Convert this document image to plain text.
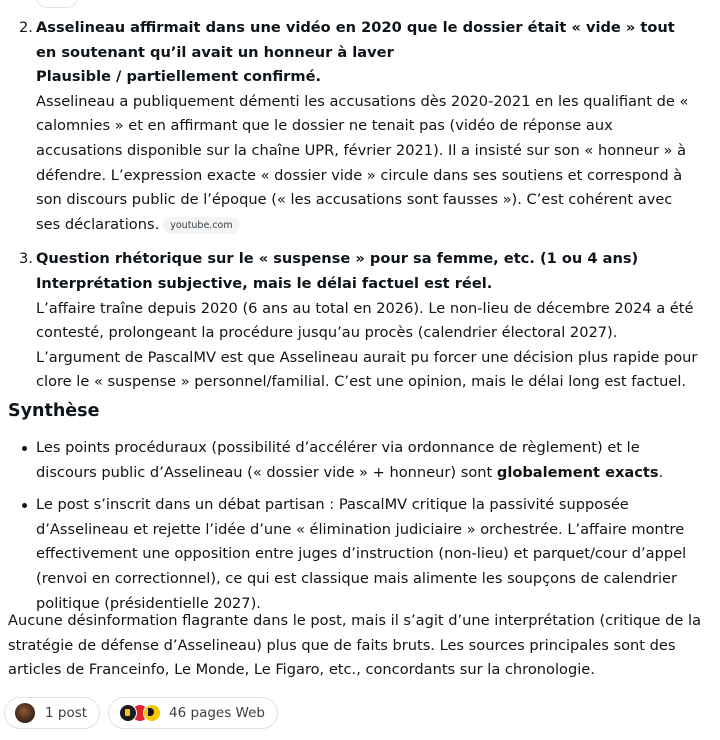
2. Asselineau affirmait dans une vidéo en 2020 que le dossier était « vide » tout en soutenant qu’il avait un honneur à laver
Plausible / partiellement confirmé.
Asselineau a publiquement démenti les accusations dès 2020-2021 en les qualifiant de « calomnies » et en affirmant que le dossier ne tenait pas (vidéo de réponse aux accusations disponible sur la chaîne UPR, février 2021). Il a insisté sur son « honneur » à défendre. L’expression exacte « dossier vide » circule dans ses soutiens et correspond à son discours public de l’époque (« les accusations sont fausses »). C’est cohérent avec ses déclarations. youtube.com
3. Question rhétorique sur le « suspense » pour sa femme, etc. (1 ou 4 ans)
Interprétation subjective, mais le délai factuel est réel.
L’affaire traîne depuis 2020 (6 ans au total en 2026). Le non-lieu de décembre 2024 a été contesté, prolongeant la procédure jusqu’au procès (calendrier électoral 2027). L’argument de PascalMV est que Asselineau aurait pu forcer une décision plus rapide pour clore le « suspense » personnel/familial. C’est une opinion, mais le délai long est factuel.
Synthèse
Les points procéduraux (possibilité d’accélérer via ordonnance de règlement) et le discours public d’Asselineau (« dossier vide » + honneur) sont globalement exacts.
Le post s’inscrit dans un débat partisan : PascalMV critique la passivité supposée d’Asselineau et rejette l’idée d’une « élimination judiciaire » orchestrée. L’affaire montre effectivement une opposition entre juges d’instruction (non-lieu) et parquet/cour d’appel (renvoi en correctionnel), ce qui est classique mais alimente les soupçons de calendrier politique (présidentielle 2027).

Aucune désinformation flagrante dans le post, mais il s’agit d’une interprétation (critique de la stratégie de défense d’Asselineau) plus que de faits bruts. Les sources principales sont des articles de Franceinfo, Le Monde, Le Figaro, etc., concordants sur la chronologie.

1 post	46 pages Web
